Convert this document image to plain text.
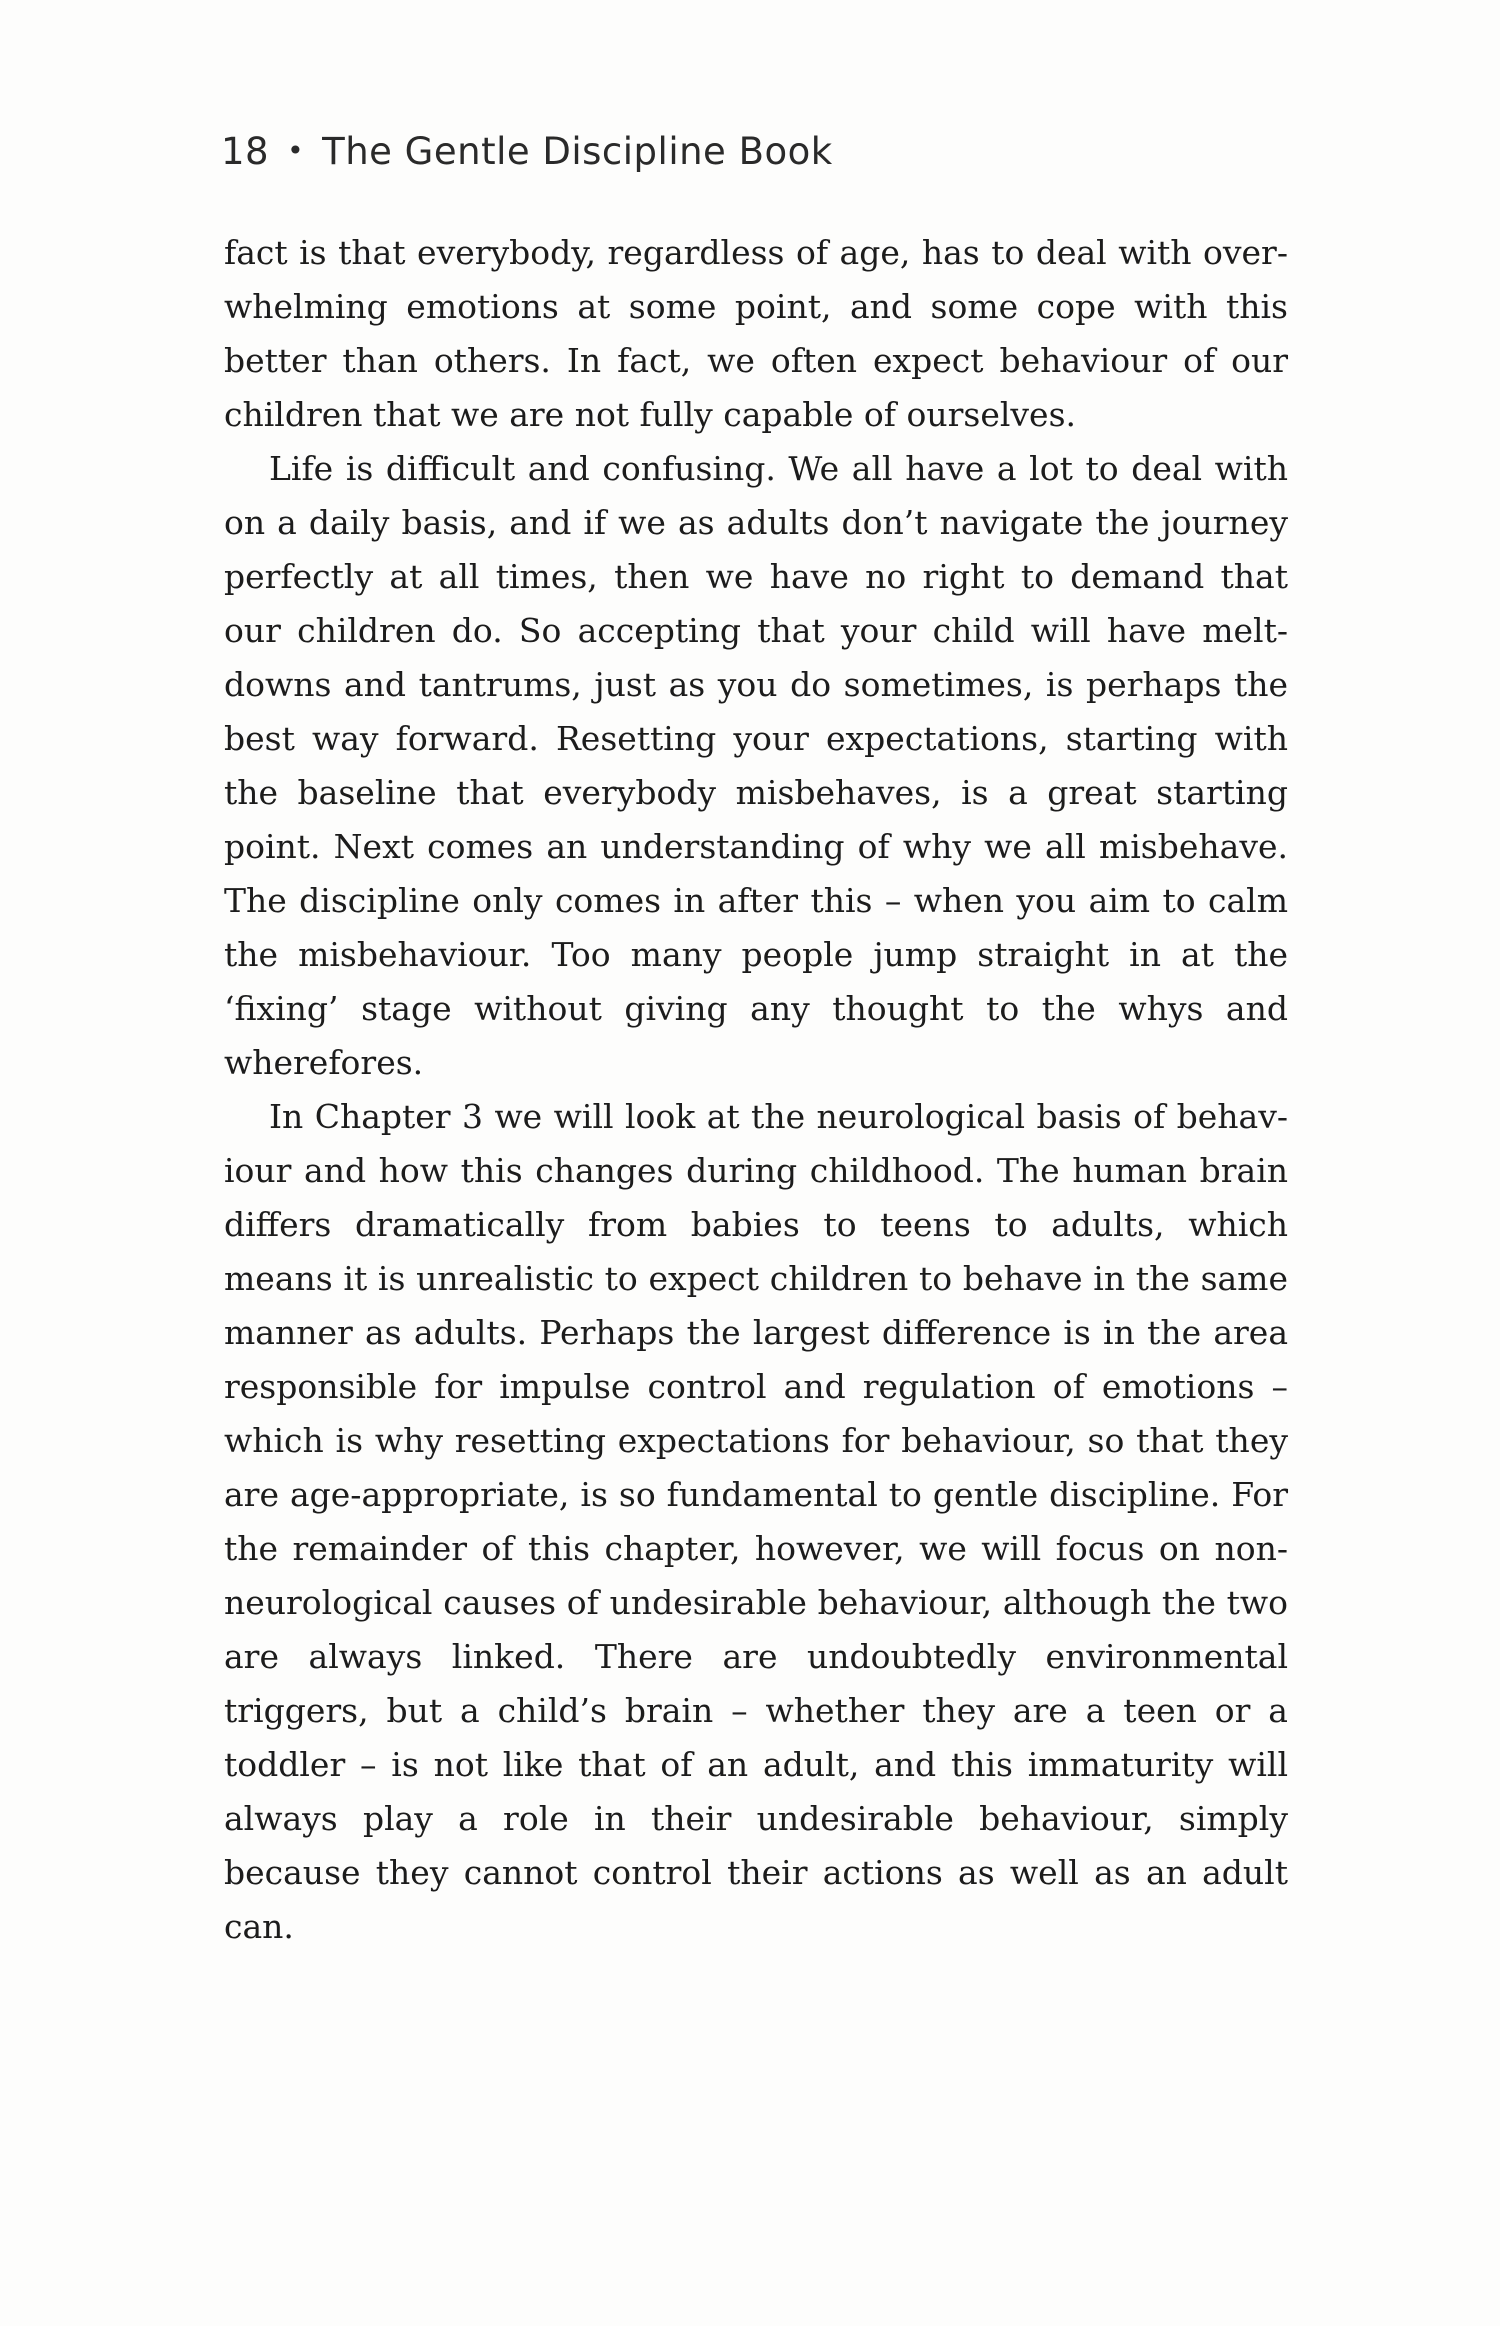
18 • The Gentle Discipline Book

fact is that everybody, regardless of age, has to deal with overwhelming emotions at some point, and some cope with this better than others. In fact, we often expect behaviour of our children that we are not fully capable of ourselves.

Life is difficult and confusing. We all have a lot to deal with on a daily basis, and if we as adults don’t navigate the journey perfectly at all times, then we have no right to demand that our children do. So accepting that your child will have meltdowns and tantrums, just as you do sometimes, is perhaps the best way forward. Resetting your expectations, starting with the baseline that everybody misbehaves, is a great starting point. Next comes an understanding of why we all misbehave. The discipline only comes in after this – when you aim to calm the misbehaviour. Too many people jump straight in at the ‘fixing’ stage without giving any thought to the whys and wherefores.

In Chapter 3 we will look at the neurological basis of behaviour and how this changes during childhood. The human brain differs dramatically from babies to teens to adults, which means it is unrealistic to expect children to behave in the same manner as adults. Perhaps the largest difference is in the area responsible for impulse control and regulation of emotions – which is why resetting expectations for behaviour, so that they are age-appropriate, is so fundamental to gentle discipline. For the remainder of this chapter, however, we will focus on non-neurological causes of undesirable behaviour, although the two are always linked. There are undoubtedly environmental triggers, but a child’s brain – whether they are a teen or a toddler – is not like that of an adult, and this immaturity will always play a role in their undesirable behaviour, simply because they cannot control their actions as well as an adult can.
